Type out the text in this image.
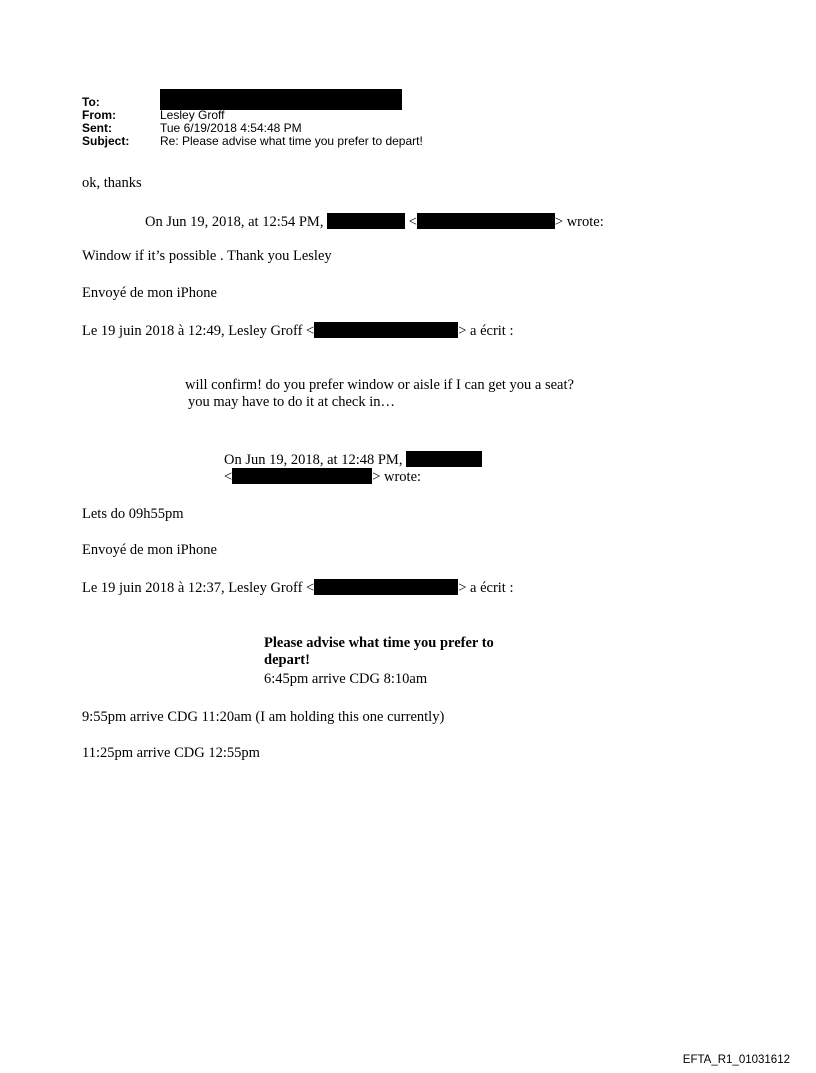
To:
From:	Lesley Groff
Sent:	Tue 6/19/2018 4:54:48 PM
Subject:	Re: Please advise what time you prefer to depart!
ok, thanks
On Jun 19, 2018, at 12:54 PM,	<	> wrote:
Window if it’s possible . Thank you Lesley
Envoyé de mon iPhone
Le 19 juin 2018 à 12:49, Lesley Groff <	> a écrit :
will confirm! do you prefer window or aisle if I can get you a seat?
you may have to do it at check in…
On Jun 19, 2018, at 12:48 PM,
<	> wrote:
Lets do 09h55pm
Envoyé de mon iPhone
Le 19 juin 2018 à 12:37, Lesley Groff <	> a écrit :
Please advise what time you prefer to
depart!
6:45pm arrive CDG 8:10am
9:55pm arrive CDG 11:20am (I am holding this one currently)
11:25pm arrive CDG 12:55pm
EFTA_R1_01031612
